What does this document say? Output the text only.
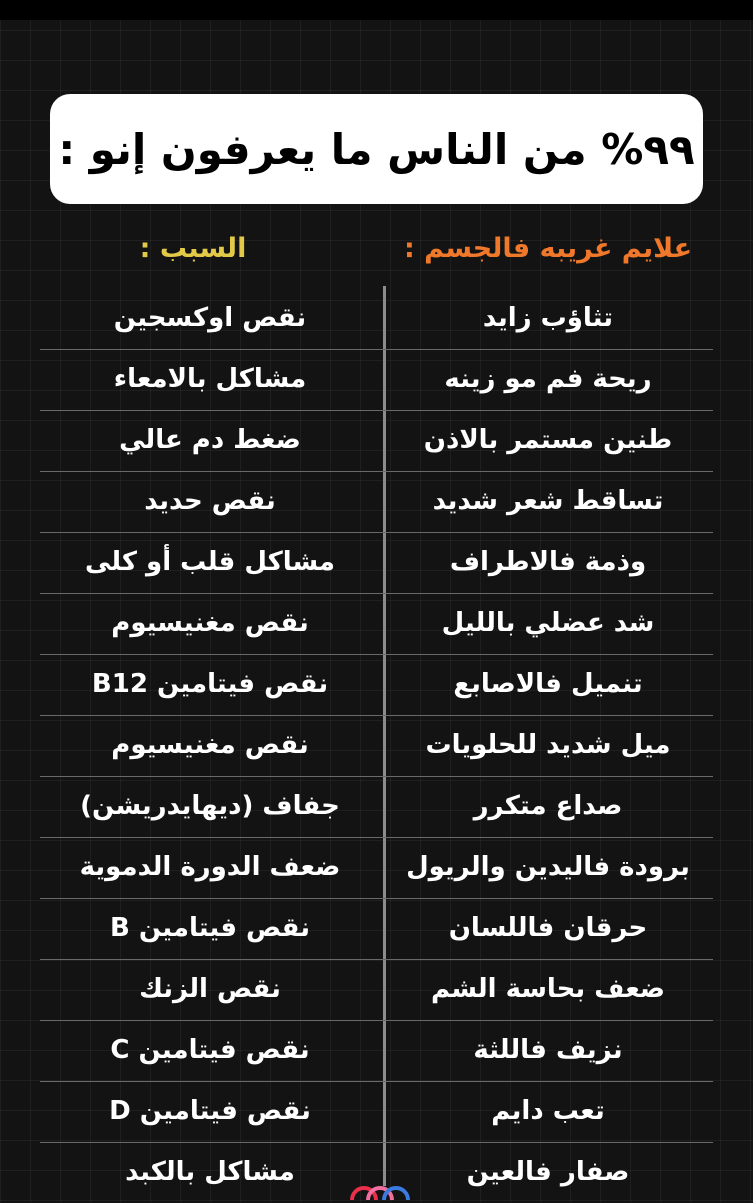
٩٩% من الناس ما يعرفون إنو :
علايم غريبه فالجسم :
السبب :
تثاؤب زايد
نقص اوكسجين
ريحة فم مو زينه
مشاكل بالامعاء
طنين مستمر بالاذن
ضغط دم عالي
تساقط شعر شديد
نقص حديد
وذمة فالاطراف
مشاكل قلب أو كلى
شد عضلي بالليل
نقص مغنيسيوم
تنميل فالاصابع
نقص فيتامين B12
ميل شديد للحلويات
نقص مغنيسيوم
صداع متكرر
جفاف (ديهايدريشن)
برودة فاليدين والريول
ضعف الدورة الدموية
حرقان فاللسان
نقص فيتامين B
ضعف بحاسة الشم
نقص الزنك
نزيف فاللثة
نقص فيتامين C
تعب دايم
نقص فيتامين D
صفار فالعين
مشاكل بالكبد
